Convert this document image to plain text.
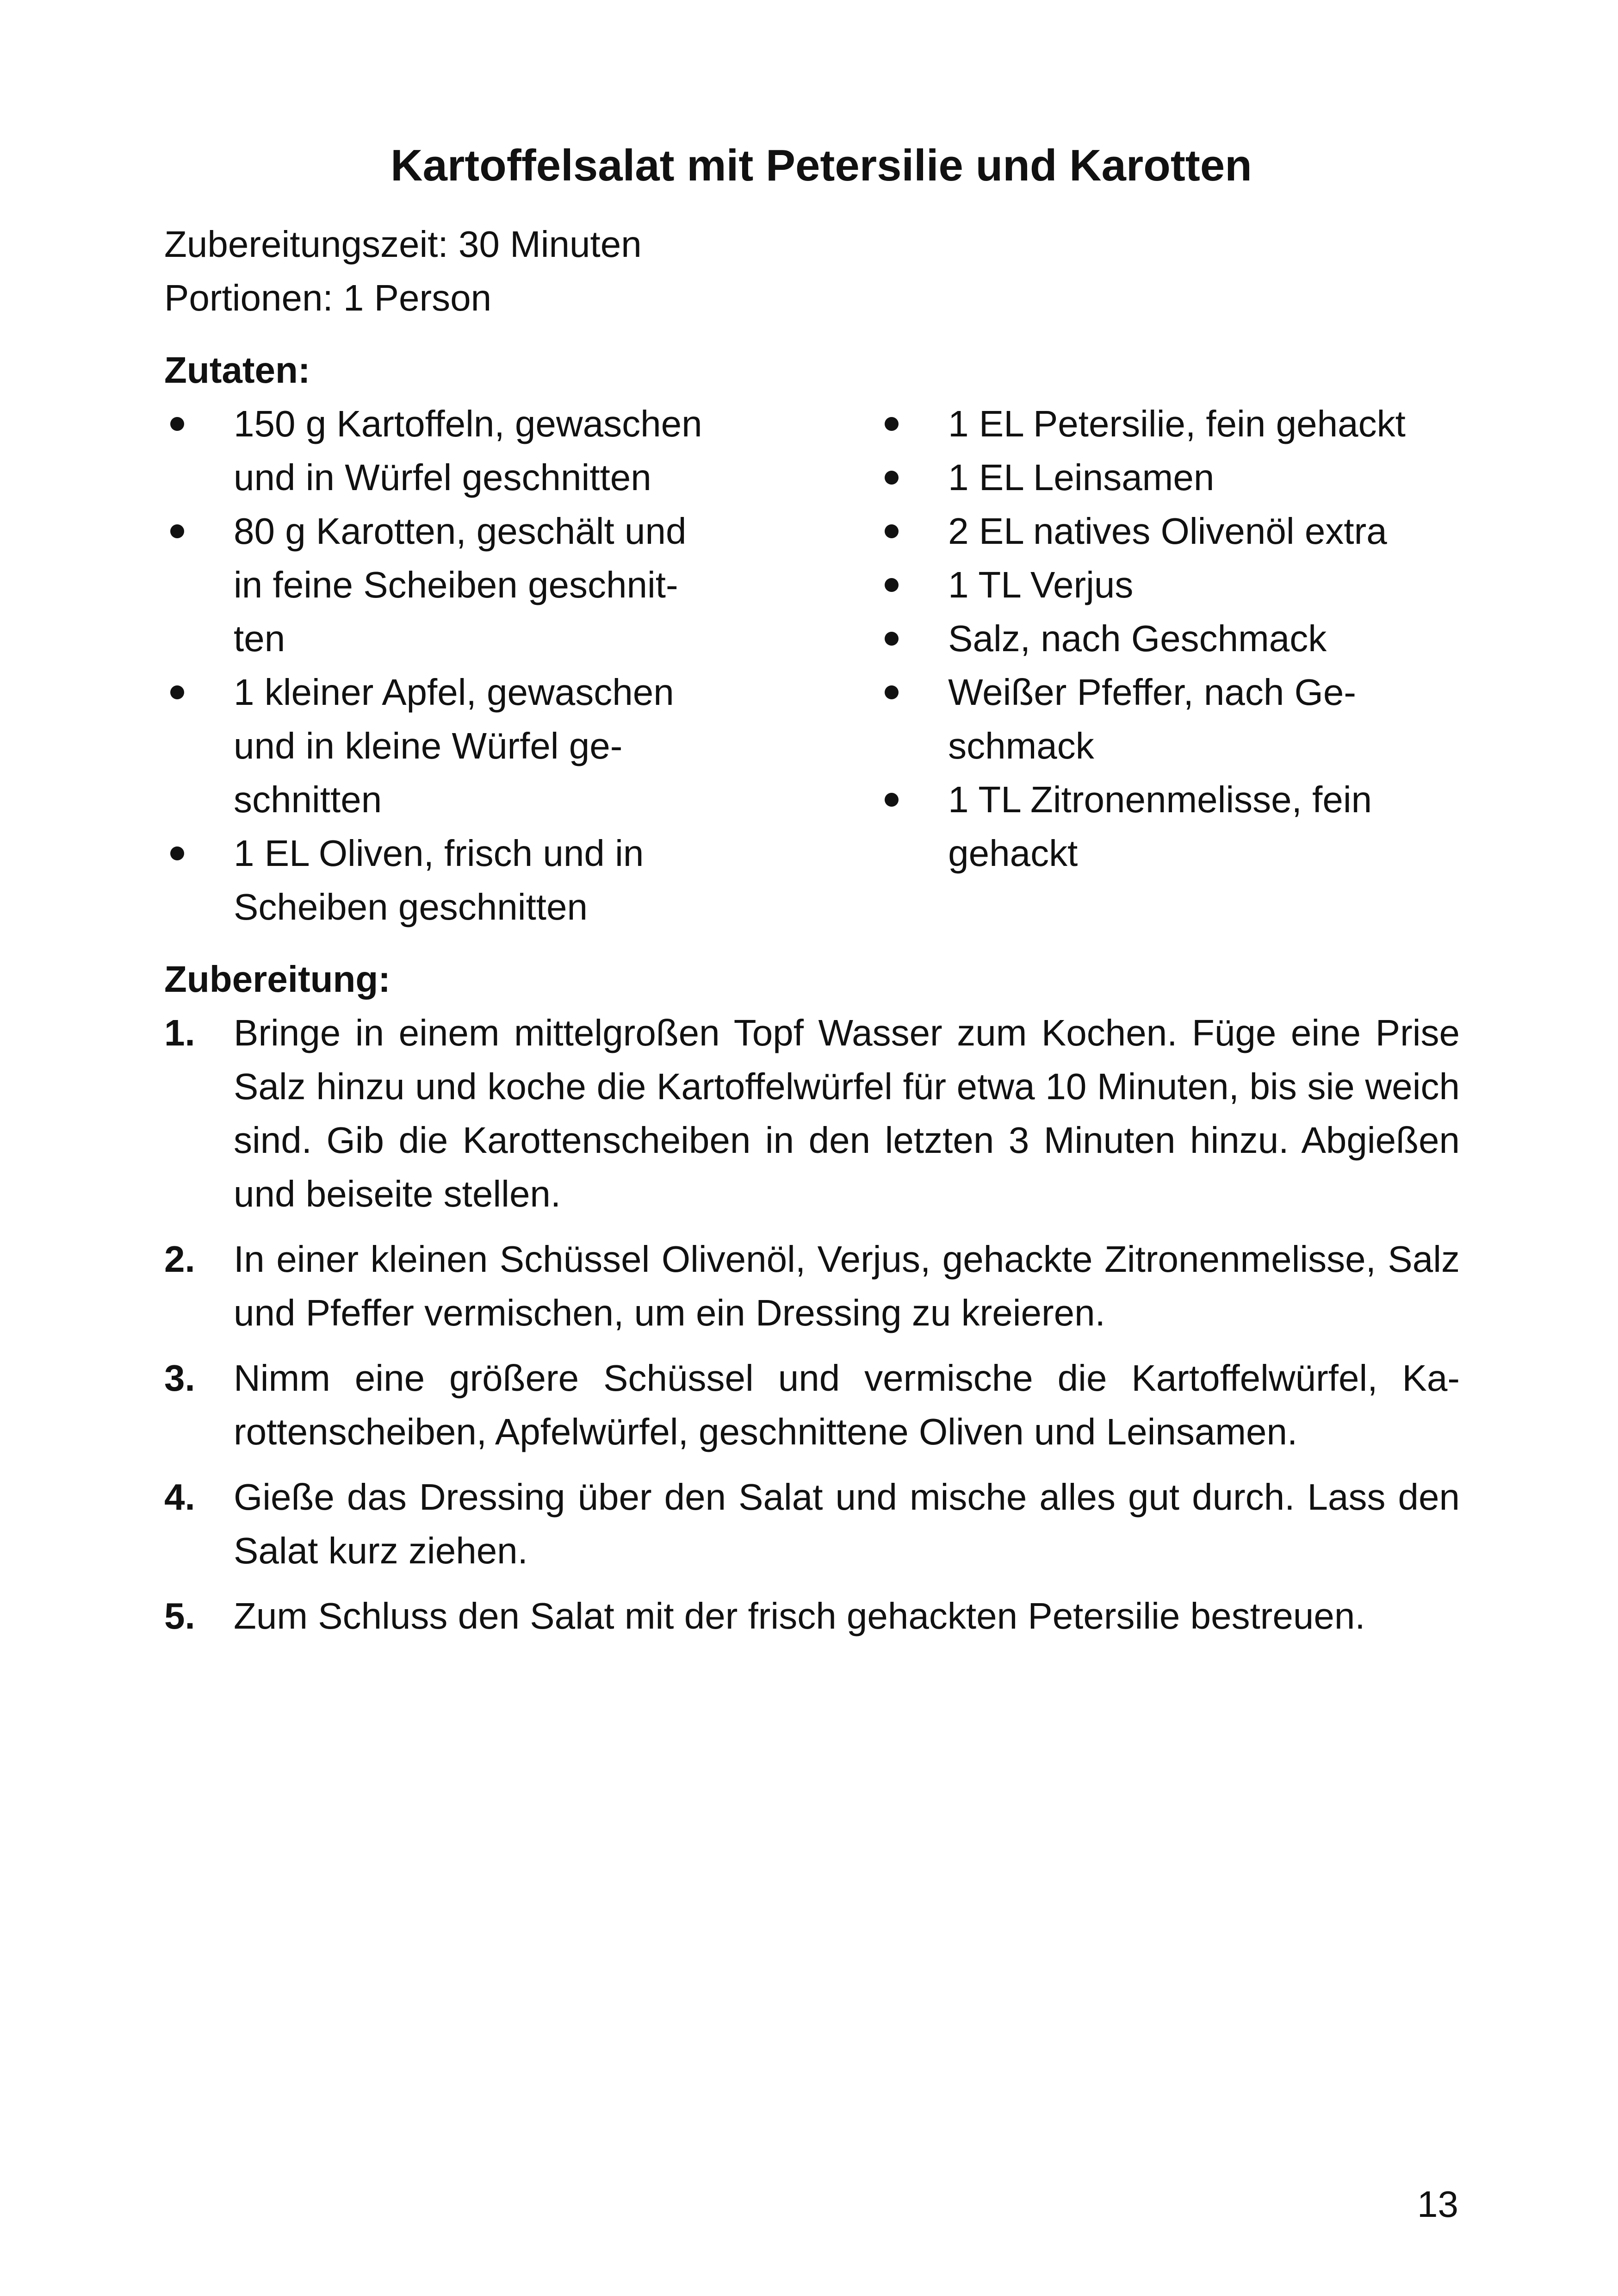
Kartoffelsalat mit Petersilie und Karotten
Zubereitungszeit: 30 Minuten
Portionen: 1 Person
Zutaten:
150 g Kartoffeln, gewaschen und in Würfel geschnitten
80 g Karotten, geschält und in feine Scheiben geschnitten
1 kleiner Apfel, gewaschen und in kleine Würfel geschnitten
1 EL Oliven, frisch und in Scheiben geschnitten
1 EL Petersilie, fein gehackt
1 EL Leinsamen
2 EL natives Olivenöl extra
1 TL Verjus
Salz, nach Geschmack
Weißer Pfeffer, nach Geschmack
1 TL Zitronenmelisse, fein gehackt
Zubereitung:
1.	Bringe in einem mittelgroßen Topf Wasser zum Kochen. Füge eine Prise Salz hinzu und koche die Kartoffelwürfel für etwa 10 Minuten, bis sie weich sind. Gib die Karottenscheiben in den letzten 3 Minuten hinzu. Abgießen und beiseite stellen.
2.	In einer kleinen Schüssel Olivenöl, Verjus, gehackte Zitronenmelisse, Salz und Pfeffer vermischen, um ein Dressing zu kreieren.
3.	Nimm eine größere Schüssel und vermische die Kartoffelwürfel, Karottenscheiben, Apfelwürfel, geschnittene Oliven und Leinsamen.
4.	Gieße das Dressing über den Salat und mische alles gut durch. Lass den Salat kurz ziehen.
5.	Zum Schluss den Salat mit der frisch gehackten Petersilie bestreuen.
13
